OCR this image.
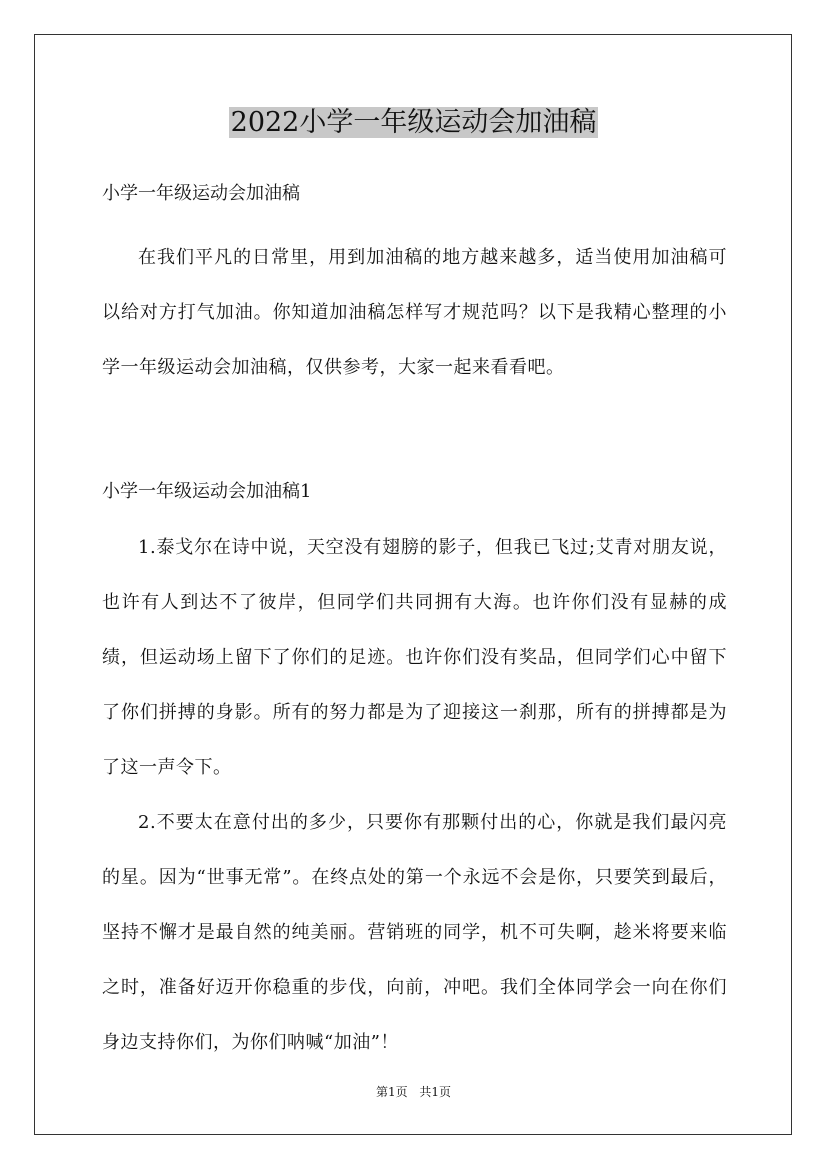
2022小学一年级运动会加油稿

小学一年级运动会加油稿

在我们平凡的日常里，用到加油稿的地方越来越多，适当使用加油稿可以给对方打气加油。你知道加油稿怎样写才规范吗？以下是我精心整理的小学一年级运动会加油稿，仅供参考，大家一起来看看吧。

小学一年级运动会加油稿1

1.泰戈尔在诗中说，天空没有翅膀的影子，但我已飞过;艾青对朋友说，也许有人到达不了彼岸，但同学们共同拥有大海。也许你们没有显赫的成绩，但运动场上留下了你们的足迹。也许你们没有奖品，但同学们心中留下了你们拼搏的身影。所有的努力都是为了迎接这一刹那，所有的拼搏都是为了这一声令下。

2.不要太在意付出的多少，只要你有那颗付出的心，你就是我们最闪亮的星。因为“世事无常”。在终点处的第一个永远不会是你，只要笑到最后，坚持不懈才是最自然的纯美丽。营销班的同学，机不可失啊，趁米将要来临之时，准备好迈开你稳重的步伐，向前，冲吧。我们全体同学会一向在你们身边支持你们，为你们呐喊“加油”！

第1页 共1页
